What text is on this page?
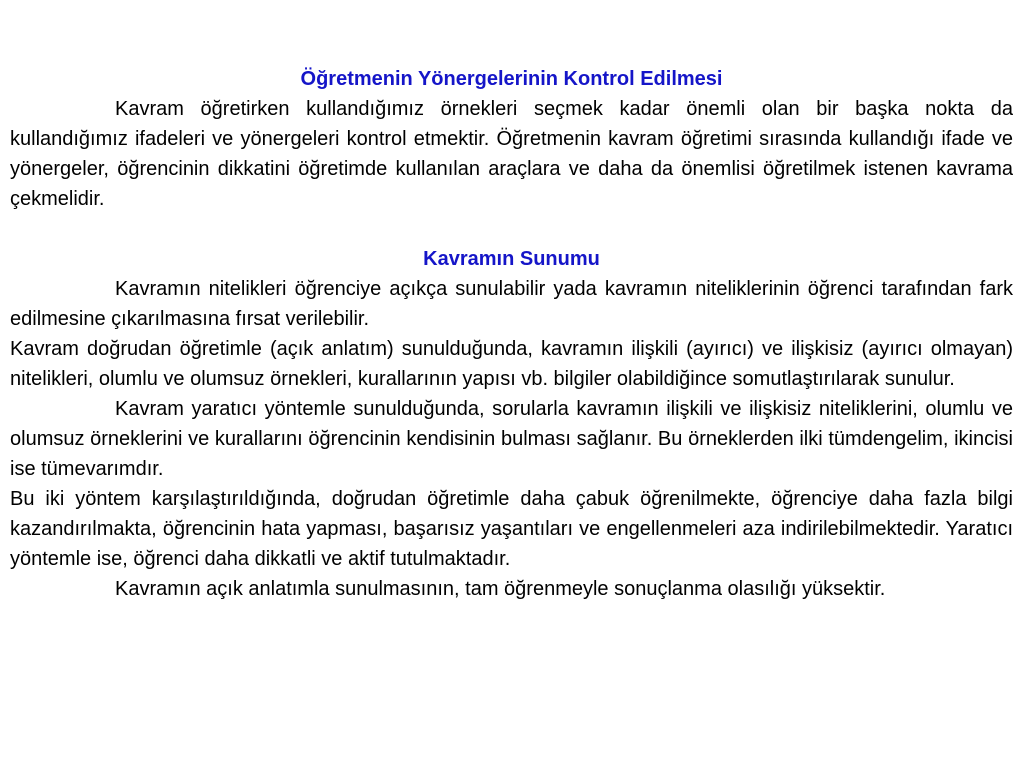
Öğretmenin Yönergelerinin Kontrol Edilmesi

Kavram öğretirken kullandığımız örnekleri seçmek kadar önemli olan bir başka nokta da kullandığımız ifadeleri ve yönergeleri kontrol etmektir. Öğretmenin kavram öğretimi sırasında kullandığı ifade ve yönergeler, öğrencinin dikkatini öğretimde kullanılan araçlara ve daha da önemlisi öğretilmek istenen kavrama çekmelidir.

Kavramın Sunumu

Kavramın nitelikleri öğrenciye açıkça sunulabilir yada kavramın niteliklerinin öğrenci tarafından fark edilmesine çıkarılmasına fırsat verilebilir.

Kavram doğrudan öğretimle (açık anlatım) sunulduğunda, kavramın ilişkili (ayırıcı) ve ilişkisiz (ayırıcı olmayan) nitelikleri, olumlu ve olumsuz örnekleri, kurallarının yapısı vb. bilgiler olabildiğince somutlaştırılarak sunulur.

Kavram yaratıcı yöntemle sunulduğunda, sorularla kavramın ilişkili ve ilişkisiz niteliklerini, olumlu ve olumsuz örneklerini ve kurallarını öğrencinin kendisinin bulması sağlanır. Bu örneklerden ilki tümdengelim, ikincisi ise tümevarımdır.

Bu iki yöntem karşılaştırıldığında, doğrudan öğretimle daha çabuk öğrenilmekte, öğrenciye daha fazla bilgi kazandırılmakta, öğrencinin hata yapması, başarısız yaşantıları ve engellenmeleri aza indirilebilmektedir. Yaratıcı yöntemle ise, öğrenci daha dikkatli ve aktif tutulmaktadır.

Kavramın açık anlatımla sunulmasının, tam öğrenmeyle sonuçlanma olasılığı yüksektir.
